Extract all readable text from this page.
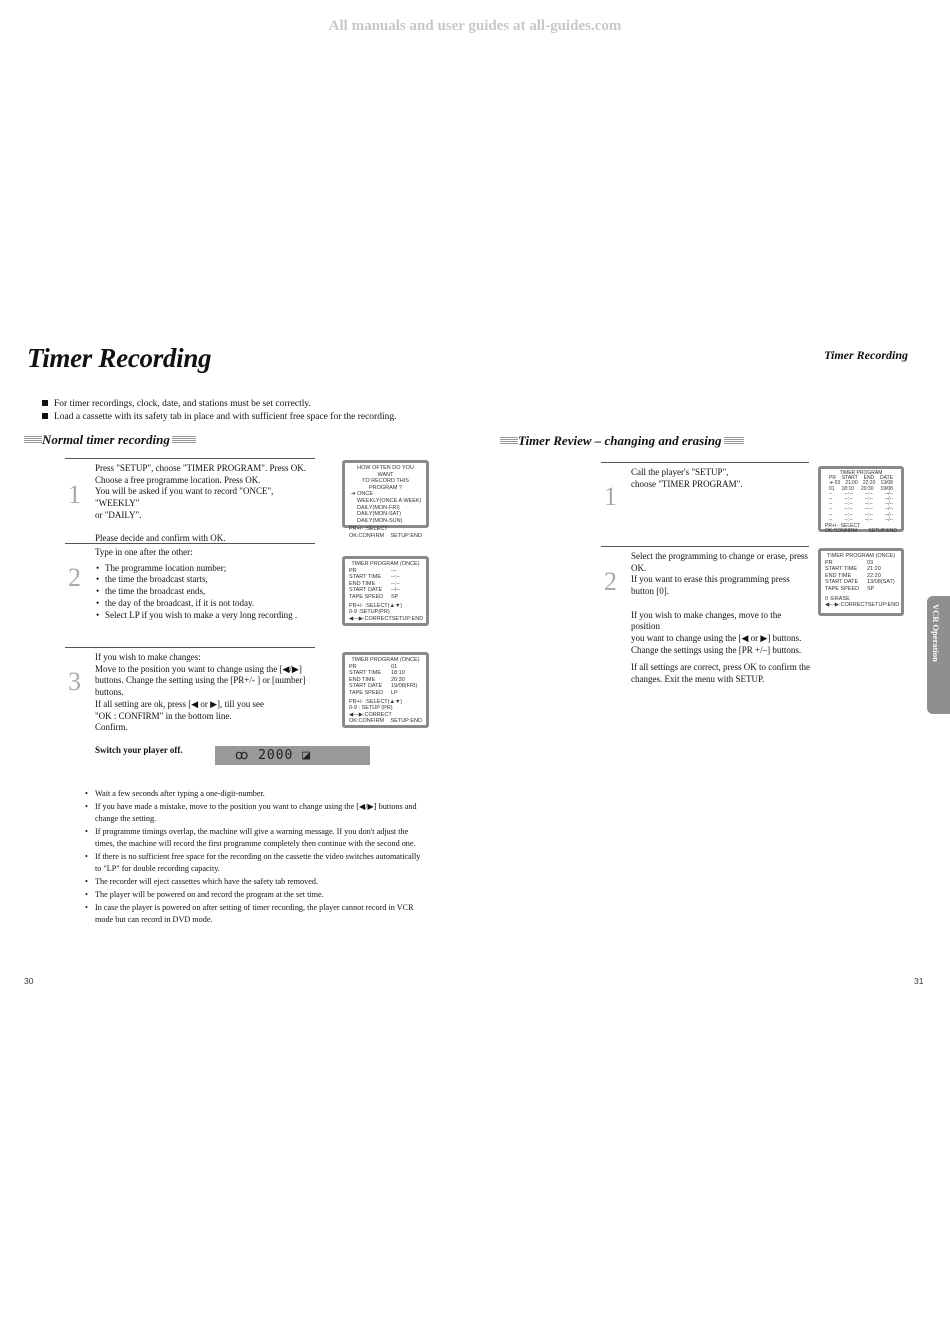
All manuals and user guides at all-guides.com
Timer Recording	Timer Recording
For timer recordings, clock, date, and stations must be set correctly.
Load a cassette with its safety tab in place and with sufficient free space for the recording.
Normal timer recording
1

Press "SETUP", choose "TIMER PROGRAM". Press OK.

Choose a free programme location. Press OK.

You will be asked if you want to record "ONCE", "WEEKLY"

or "DAILY".

Please decide and confirm with OK.

HOW OFTEN DO YOU WANT
TO RECORD THIS PROGRAM ?
➜ ONCE
WEEKLY(ONCE A WEEK)
DAILY(MON-FRI)
DAILY(MON-SAT)
DAILY(MON-SUN)
PR+/- :SELECT
OK:CONFIRM SETUP:END
2

Type in one after the other:

• The programme location number;
• the time the broadcast starts,
• the time the broadcast ends,
• the day of the broadcast, if it is not today.
• Select LP if you wish to make a very long recording .
TIMER PROGRAM (ONCE)
PR	---
START TIME	--:--
END TIME	--:--
START DATE	--/--
TAPE SPEED	SP
PR+/- :SELECT(▲▼)
0-9 :SETUP(PR)
◀---▶:CORRECT SETUP:END
3

If you wish to make changes:

Move to the position you want to change using the [◀/▶]

buttons. Change the setting using the [PR+/- ] or [number]

buttons.

If all setting are ok, press [◀ or ▶], till you see

"OK : CONFIRM" in the bottom line.

Confirm.

TIMER PROGRAM (ONCE)
PR	01
START TIME	18:10
END TIME	20:30
START DATE	19/08(FRI)
TAPE SPEED	LP
PR+/- :SELECT(▲▼)
0-9 : SETUP (PR)
◀---▶:CORRECT
OK:CONFIRM SETUP:END
Switch your player off.	ꝏ 2000 ◪
• Wait a few seconds after typing a one-digit-number.
• If you have made a mistake, move to the position you want to change using the [◀/▶] buttons and change the setting.
• If programme timings overlap, the machine will give a warning message. If you don't adjust the times, the machine will record the first programme completely then continue with the second one.
• If there is no sufficient free space for the recording on the cassette the video switches automatically to "LP" for double recording capacity.
• The recorder will eject cassettes which have the safety tab removed.
• The player will be powered on and record the program at the set time.
• In case the player is powered on after setting of timer recording, the player cannot record in VCR mode but can record in DVD mode.
Timer Review – changing and erasing
1

Call the player's "SETUP",

choose "TIMER PROGRAM".

TIMER PROGRAM
PR START END DATE
➜ 03 21:00 22:20 13/08
01 18:10 20:30 19/08
-- --:-- --:-- --/--
-- --:-- --:-- --/--
-- --:-- --:-- --/--
-- --:-- --:-- --/--
-- --:-- --:-- --/--
-- --:-- --:-- --/--
PR+/- :SELECT
OK:CONFIRM SETUP:END
2

Select the programming to change or erase, press

OK.

If you want to erase this programming press

button [0].

If you wish to make changes, move to the position

you want to change using the [◀ or ▶] buttons.

Change the settings using the [PR +/–] buttons.

If all settings are correct, press OK to confirm the

changes. Exit the menu with SETUP.

TIMER PROGRAM (ONCE)
PR	03
START TIME	21:20
END TIME	22:20
START DATE	13/08(SAT)
TAPE SPEED	SP
0 :ERASE
◀---▶:CORRECT SETUP:END	VCR Operation
30	31
